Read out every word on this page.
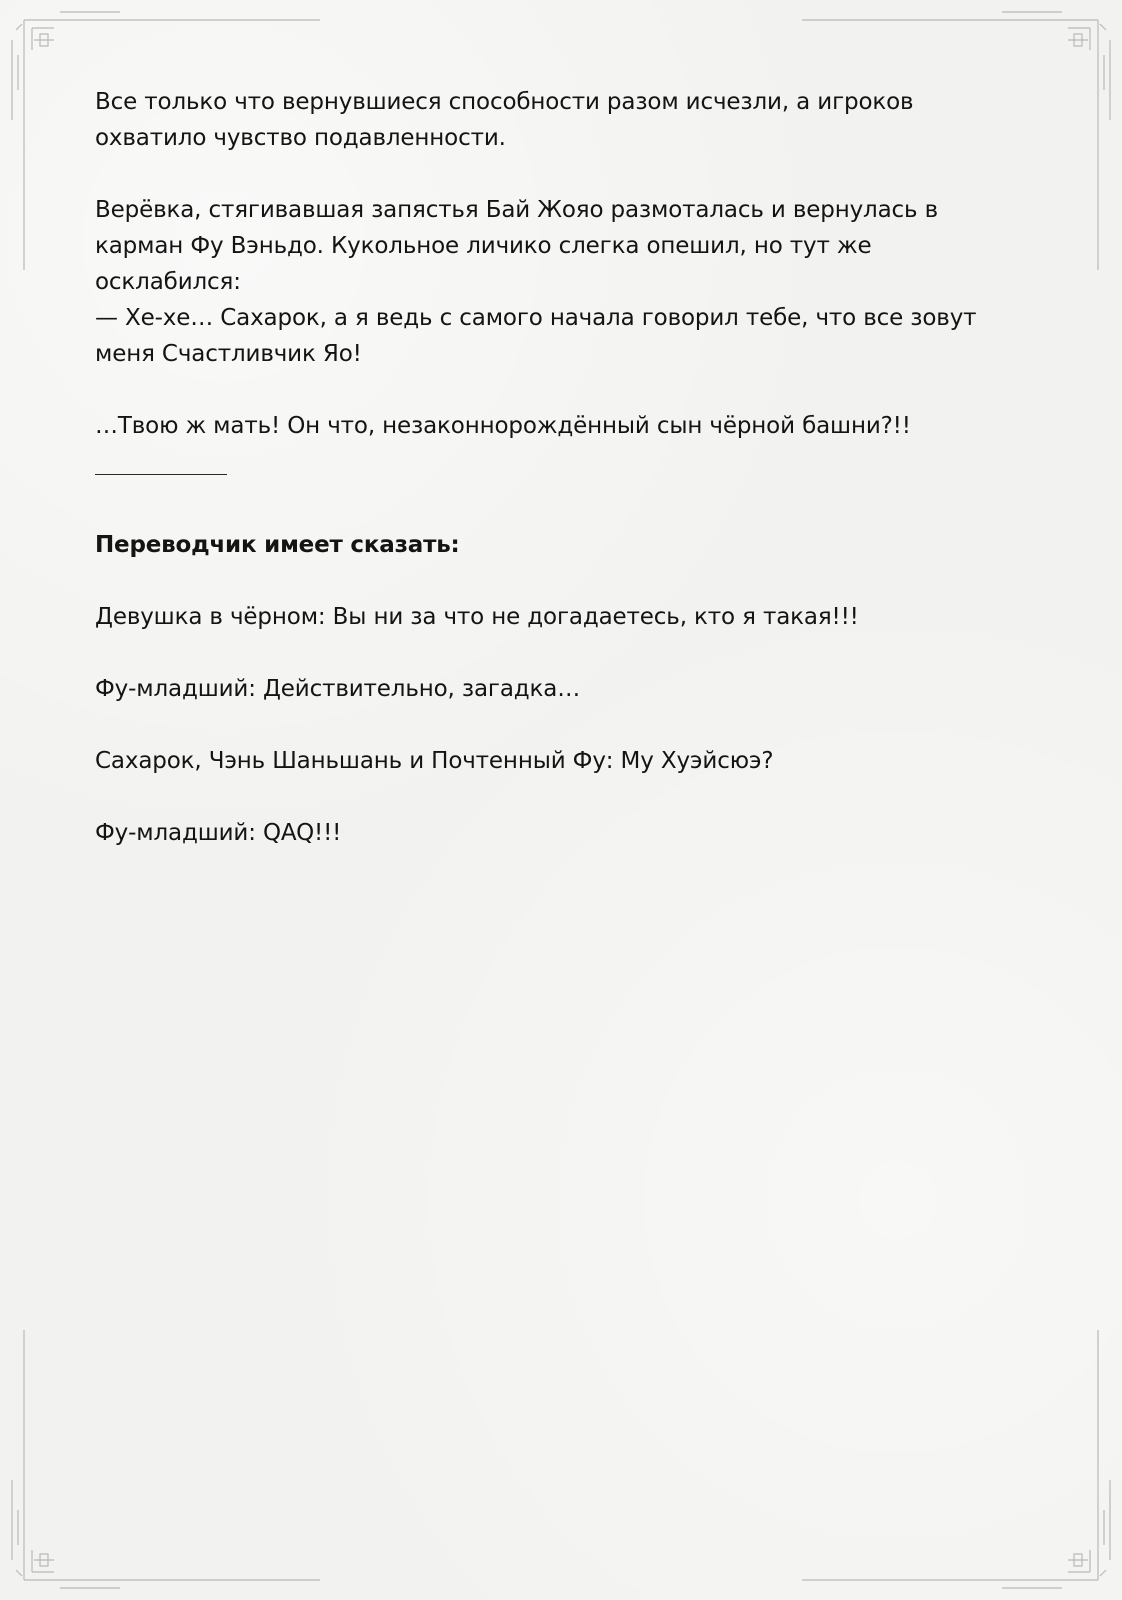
Все только что вернувшиеся способности разом исчезли, а игроков

охватило чувство подавленности.

Верёвка, стягивавшая запястья Бай Жояо размоталась и вернулась в

карман Фу Вэньдо. Кукольное личико слегка опешил, но тут же

осклабился:

— Хе-хе… Сахарок, а я ведь с самого начала говорил тебе, что все зовут

меня Счастливчик Яо!

…Твою ж мать! Он что, незаконнорождённый сын чёрной башни?!!

Переводчик имеет сказать:

Девушка в чёрном: Вы ни за что не догадаетесь, кто я такая!!!

Фу-младший: Действительно, загадка…

Сахарок, Чэнь Шаньшань и Почтенный Фу: Му Хуэйсюэ?

Фу-младший: QAQ!!!
